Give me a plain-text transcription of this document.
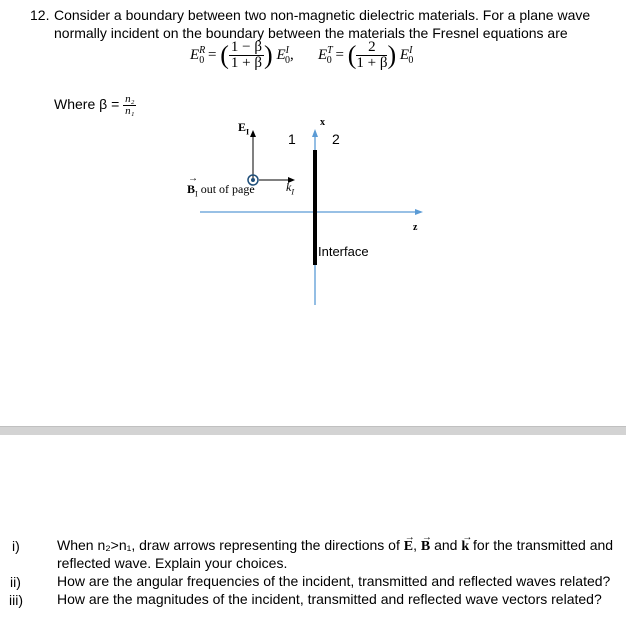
12. Consider a boundary between two non-magnetic dielectric materials. For a plane wave
normally incident on the boundary between the materials the Fresnel equations are
$E^R_0$ = ( $\frac{1 - \beta}{1 + \beta}$ ) $E^I_0$, $E^T_0$ = ( $\frac{2}{1 + \beta}$ ) $E^I_0$
Where $\beta = \frac{\text{n₂}}{\text{n₁}}$
$E_I$	1	2
x
z
$B \to_I$ out of page	$k_I$
Interface
i)	When n₂>n₁, draw arrows representing the directions of E →, B → and k → for the transmitted and
reflected wave. Explain your choices.
ii)	How are the angular frequencies of the incident, transmitted and reflected waves related?
iii) How are the magnitudes of the incident, transmitted and reflected wave vectors related?
